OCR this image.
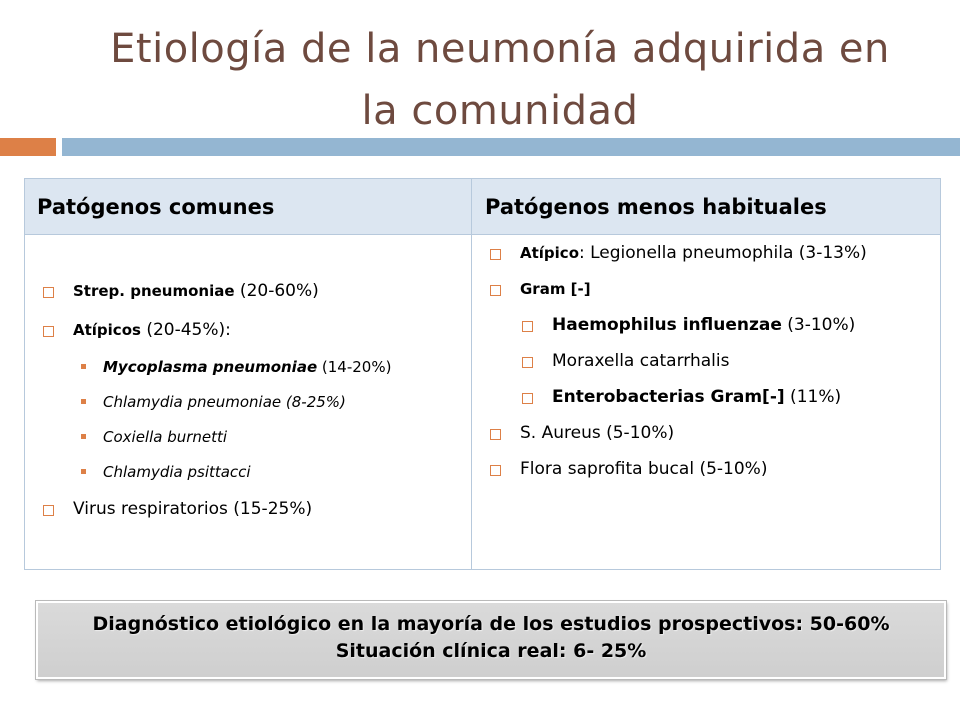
Etiología de la neumonía adquirida en
la comunidad
Patógenos comunes	Patógenos menos habituales
Strep. pneumoniae (20-60%)
Atípicos (20-45%):
Mycoplasma pneumoniae (14-20%)
Chlamydia pneumoniae (8-25%)
Coxiella burnetti
Chlamydia psittacci
Virus respiratorios (15-25%)
Atípico: Legionella pneumophila (3-13%)
Gram [-]
Haemophilus influenzae (3-10%)
Moraxella catarrhalis
Enterobacterias Gram[-] (11%)
S. Aureus (5-10%)
Flora saprofita bucal (5-10%)
Diagnóstico etiológico en la mayoría de los estudios prospectivos: 50-60%
Situación clínica real: 6- 25%
